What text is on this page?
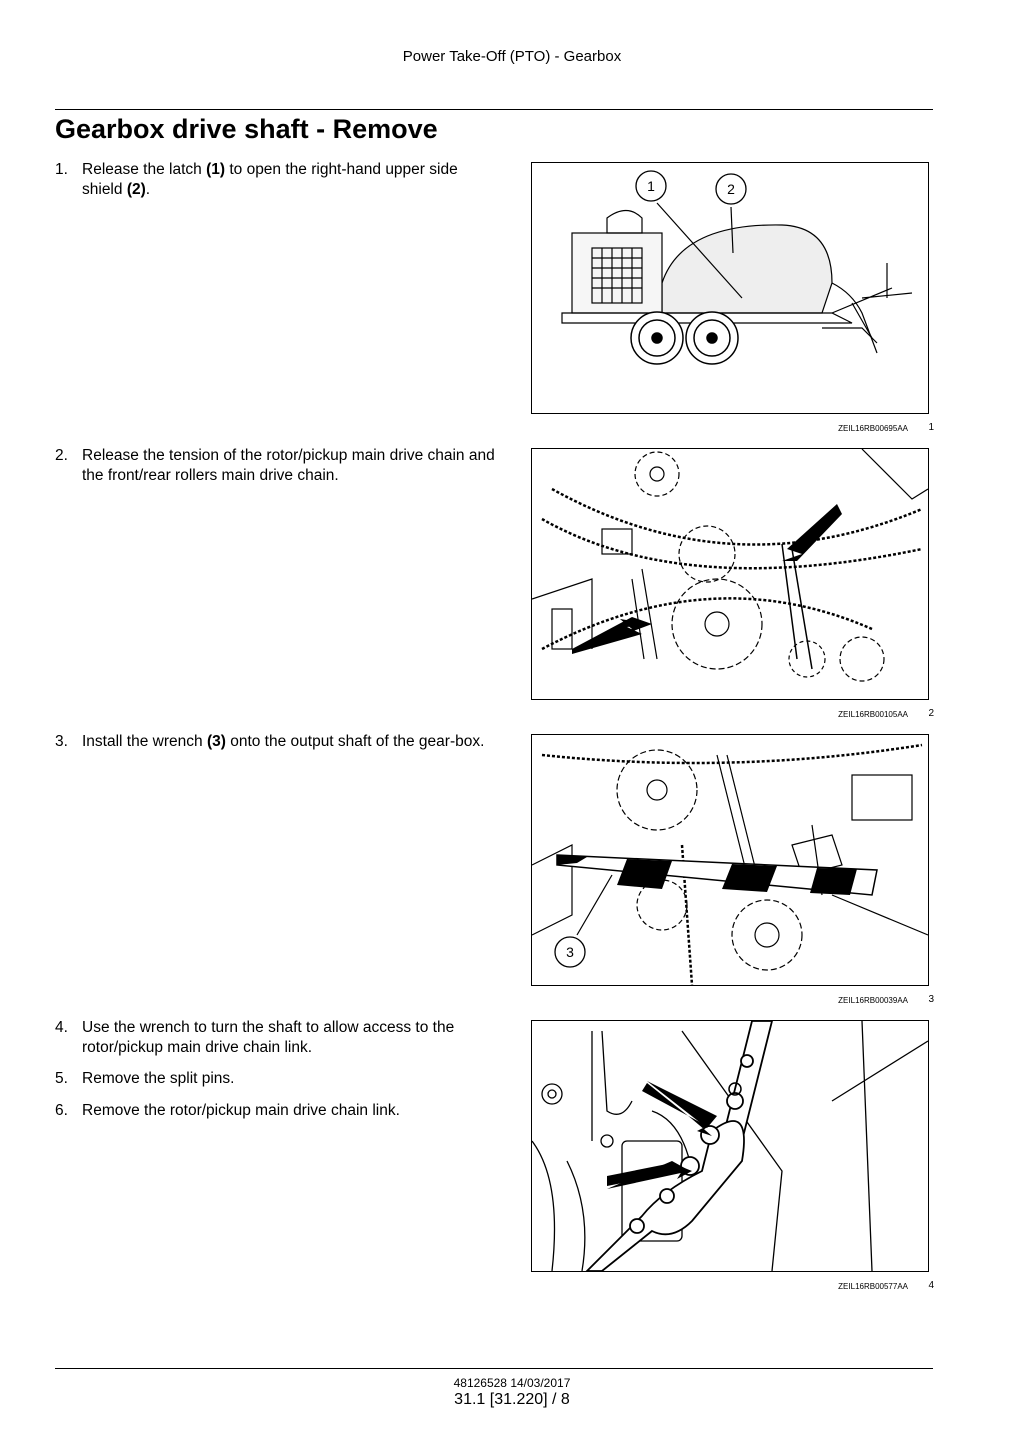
Power Take-Off (PTO) - Gearbox
Gearbox drive shaft - Remove
1. Release the latch (1) to open the right-hand upper side shield (2).
2. Release the tension of the rotor/pickup main drive chain and the front/rear rollers main drive chain.
3. Install the wrench (3) onto the output shaft of the gear-box.
4. Use the wrench to turn the shaft to allow access to the rotor/pickup main drive chain link.
5. Remove the split pins.
6. Remove the rotor/pickup main drive chain link.
1	2
ZEIL16RB00695AA	1
ZEIL16RB00105AA	2
3
ZEIL16RB00039AA	3
ZEIL16RB00577AA	4
48126528 14/03/2017
31.1 [31.220] / 8
